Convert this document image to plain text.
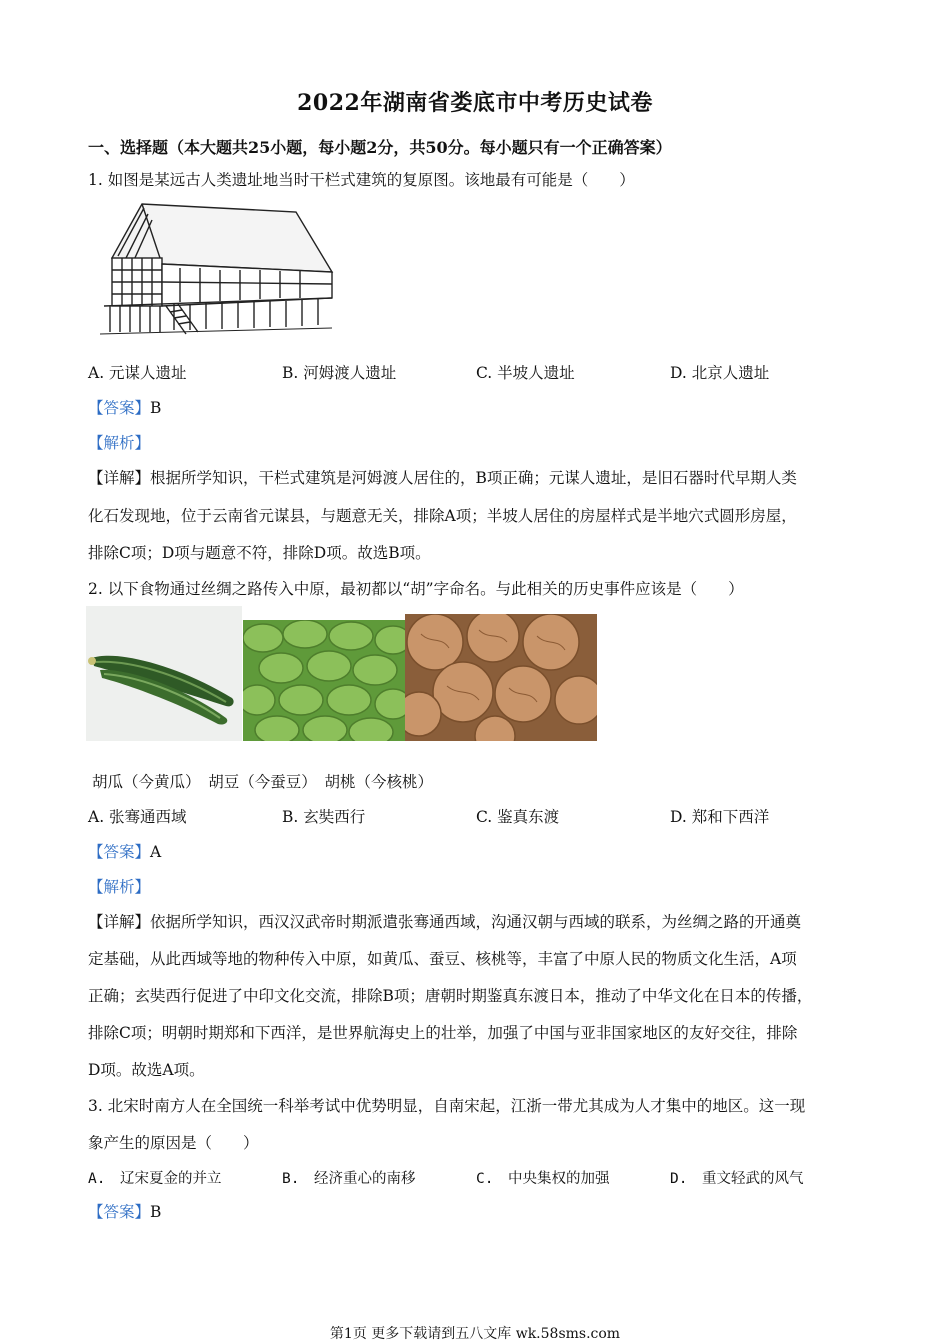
2022年湖南省娄底市中考历史试卷
一、选择题（本大题共25小题，每小题2分，共50分。每小题只有一个正确答案）
1. 如图是某远古人类遗址地当时干栏式建筑的复原图。该地最有可能是（　　）
A. 元谋人遗址	B. 河姆渡人遗址	C. 半坡人遗址	D. 北京人遗址
【答案】B
【解析】
【详解】根据所学知识，干栏式建筑是河姆渡人居住的，B项正确；元谋人遗址，是旧石器时代早期人类
化石发现地，位于云南省元谋县，与题意无关，排除A项；半坡人居住的房屋样式是半地穴式圆形房屋，
排除C项；D项与题意不符，排除D项。故选B项。
2. 以下食物通过丝绸之路传入中原，最初都以“胡”字命名。与此相关的历史事件应该是（　　）
胡瓜（今黄瓜）　胡豆（今蚕豆）　胡桃（今核桃）
A. 张骞通西域	B. 玄奘西行	C. 鉴真东渡	D. 郑和下西洋
【答案】A
【解析】
【详解】依据所学知识，西汉汉武帝时期派遣张骞通西域，沟通汉朝与西域的联系，为丝绸之路的开通奠
定基础，从此西域等地的物种传入中原，如黄瓜、蚕豆、核桃等，丰富了中原人民的物质文化生活，A项
正确；玄奘西行促进了中印文化交流，排除B项；唐朝时期鉴真东渡日本，推动了中华文化在日本的传播，
排除C项；明朝时期郑和下西洋，是世界航海史上的壮举，加强了中国与亚非国家地区的友好交往，排除
D项。故选A项。
3. 北宋时南方人在全国统一科举考试中优势明显，自南宋起，江浙一带尤其成为人才集中的地区。这一现
象产生的原因是（　　）
A.　辽宋夏金的并立	B.　经济重心的南移	C.　中央集权的加强	D.　重文轻武的风气
【答案】B
第1页 更多下载请到五八文库 wk.58sms.com
